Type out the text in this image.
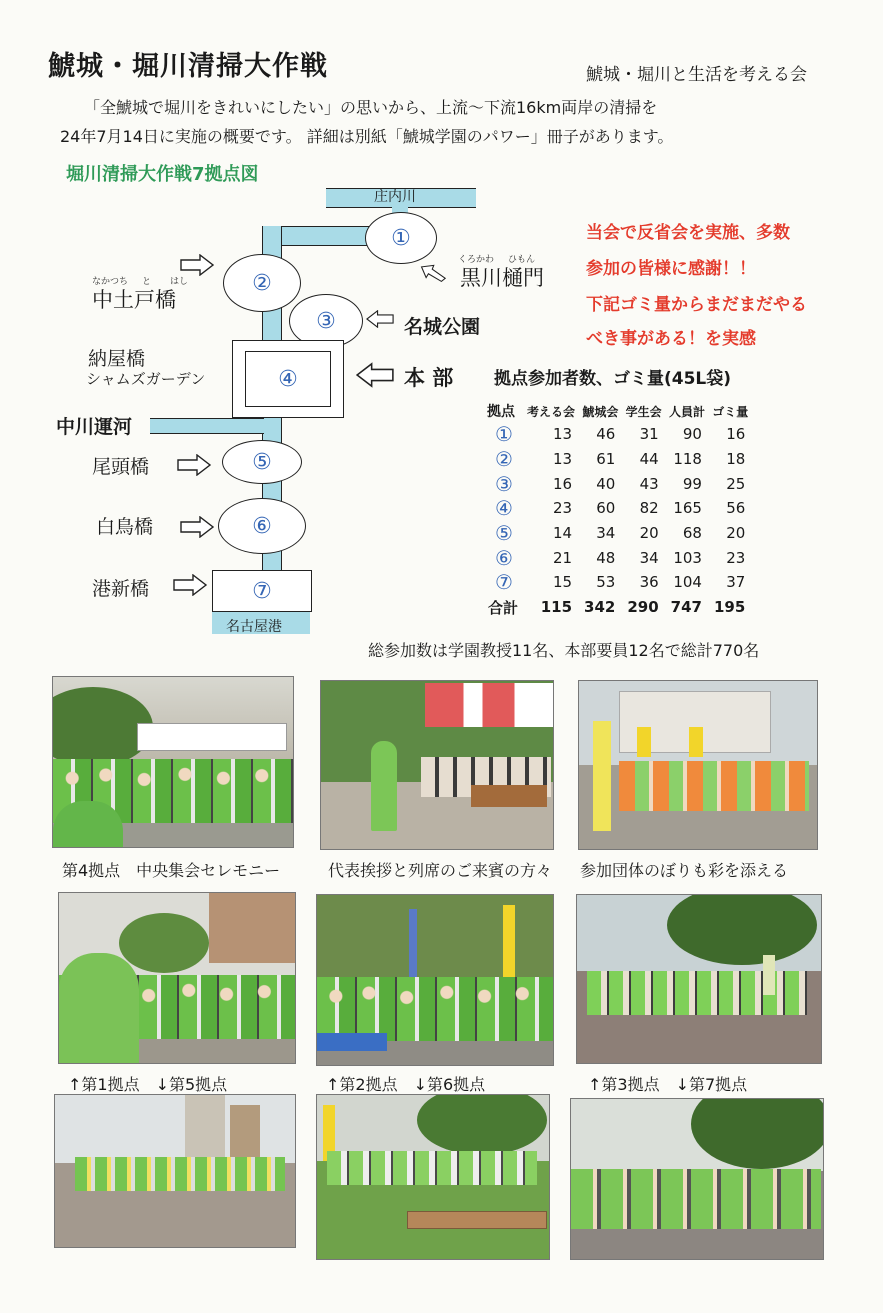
鯱城・堀川清掃大作戦	鯱城・堀川と生活を考える会
「全鯱城で堀川をきれいにしたい」の思いから、上流～下流16km両岸の清掃を
24年7月14日に実施の概要です。 詳細は別紙「鯱城学園のパワー」冊子があります。
堀川清掃大作戦7拠点図
庄内川
名古屋港
①
②
③
④
⑤
⑥
⑦
くろかわ ひもん
黒川樋門
なかつち と はし
中土戸橋
名城公園
納屋橋
シャムズガーデン	本 部
中川運河
尾頭橋
白鳥橋
港新橋
当会で反省会を実施、多数
参加の皆様に感謝！！
下記ゴミ量からまだまだやる
べき事がある！を実感
拠点参加者数、ゴミ量(45L袋)
拠点	考える会	鯱城会	学生会	人員計	ゴミ量
①	13	46	31	90	16
②	13	61	44	118	18
③	16	40	43	99	25
④	23	60	82	165	56
⑤	14	34	20	68	20
⑥	21	48	34	103	23
⑦	15	53	36	104	37
合計	115	342	290	747	195
総参加数は学園教授11名、本部要員12名で総計770名
第4拠点　中央集会セレモニー	代表挨拶と列席のご来賓の方々 参加団体のぼりも彩を添える
↑第1拠点　↓第5拠点	↑第2拠点　↓第6拠点	↑第3拠点　↓第7拠点
